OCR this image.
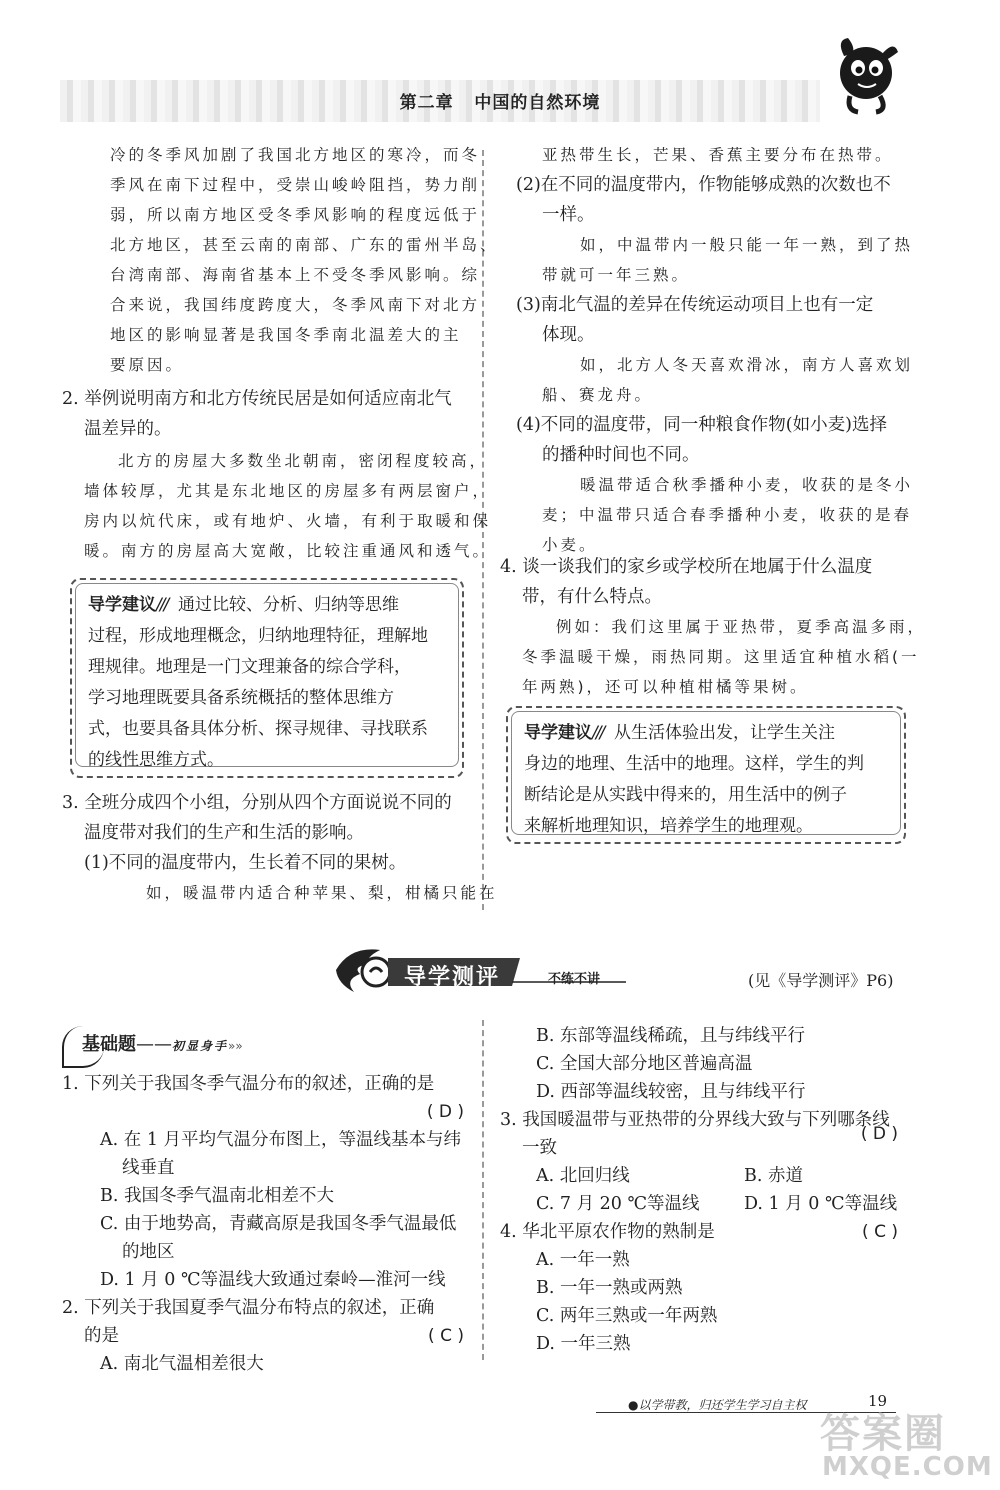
第二章 中国的自然环境

冷的冬季风加剧了我国北方地区的寒冷，而冬

季风在南下过程中，受崇山峻岭阻挡，势力削

弱，所以南方地区受冬季风影响的程度远低于

北方地区，甚至云南的南部、广东的雷州半岛、

台湾南部、海南省基本上不受冬季风影响。综

合来说，我国纬度跨度大，冬季风南下对北方

地区的影响显著是我国冬季南北温差大的主

要原因。

2. 举例说明南方和北方传统民居是如何适应南北气

温差异的。

北方的房屋大多数坐北朝南，密闭程度较高，

墙体较厚，尤其是东北地区的房屋多有两层窗户，

房内以炕代床，或有地炉、火墙，有利于取暖和保

暖。南方的房屋高大宽敞，比较注重通风和透气。

导学建议/// 通过比较、分析、归纳等思维
过程，形成地理概念，归纳地理特征，理解地
理规律。地理是一门文理兼备的综合学科，
学习地理既要具备系统概括的整体思维方
式，也要具备具体分析、探寻规律、寻找联系
的线性思维方式。

3. 全班分成四个小组，分别从四个方面说说不同的

温度带对我们的生产和生活的影响。

(1)不同的温度带内，生长着不同的果树。

如，暖温带内适合种苹果、梨，柑橘只能在

亚热带生长，芒果、香蕉主要分布在热带。

(2)在不同的温度带内，作物能够成熟的次数也不

一样。

如，中温带内一般只能一年一熟，到了热

带就可一年三熟。

(3)南北气温的差异在传统运动项目上也有一定

体现。

如，北方人冬天喜欢滑冰，南方人喜欢划

船、赛龙舟。

(4)不同的温度带，同一种粮食作物(如小麦)选择

的播种时间也不同。

暖温带适合秋季播种小麦，收获的是冬小

麦；中温带只适合春季播种小麦，收获的是春

小麦。

4. 谈一谈我们的家乡或学校所在地属于什么温度

带，有什么特点。

例如：我们这里属于亚热带，夏季高温多雨，

冬季温暖干燥，雨热同期。这里适宜种植水稻(一

年两熟)，还可以种植柑橘等果树。

导学建议/// 从生活体验出发，让学生关注
身边的地理、生活中的地理。这样，学生的判
断结论是从实践中得来的，用生活中的例子
来解析地理知识，培养学生的地理观。
导学测评	不练不讲	(见《导学测评》P6)
基础题——初显身手»»
1. 下列关于我国冬季气温分布的叙述，正确的是
( D )
A. 在 1 月平均气温分布图上，等温线基本与纬
线垂直
B. 我国冬季气温南北相差不大
C. 由于地势高，青藏高原是我国冬季气温最低
的地区
D. 1 月 0 ℃等温线大致通过秦岭—淮河一线
2. 下列关于我国夏季气温分布特点的叙述，正确
的是	( C )
A. 南北气温相差很大
B. 东部等温线稀疏，且与纬线平行
C. 全国大部分地区普遍高温
D. 西部等温线较密，且与纬线平行
3. 我国暖温带与亚热带的分界线大致与下列哪条线
一致
( D )
A. 北回归线	B. 赤道
C. 7 月 20 ℃等温线	D. 1 月 0 ℃等温线
4. 华北平原农作物的熟制是	( C )
A. 一年一熟
B. 一年一熟或两熟
C. 两年三熟或一年两熟
D. 一年三熟
●以学带教，归还学生学习自主权	19
答案圈
MXQE.COM
